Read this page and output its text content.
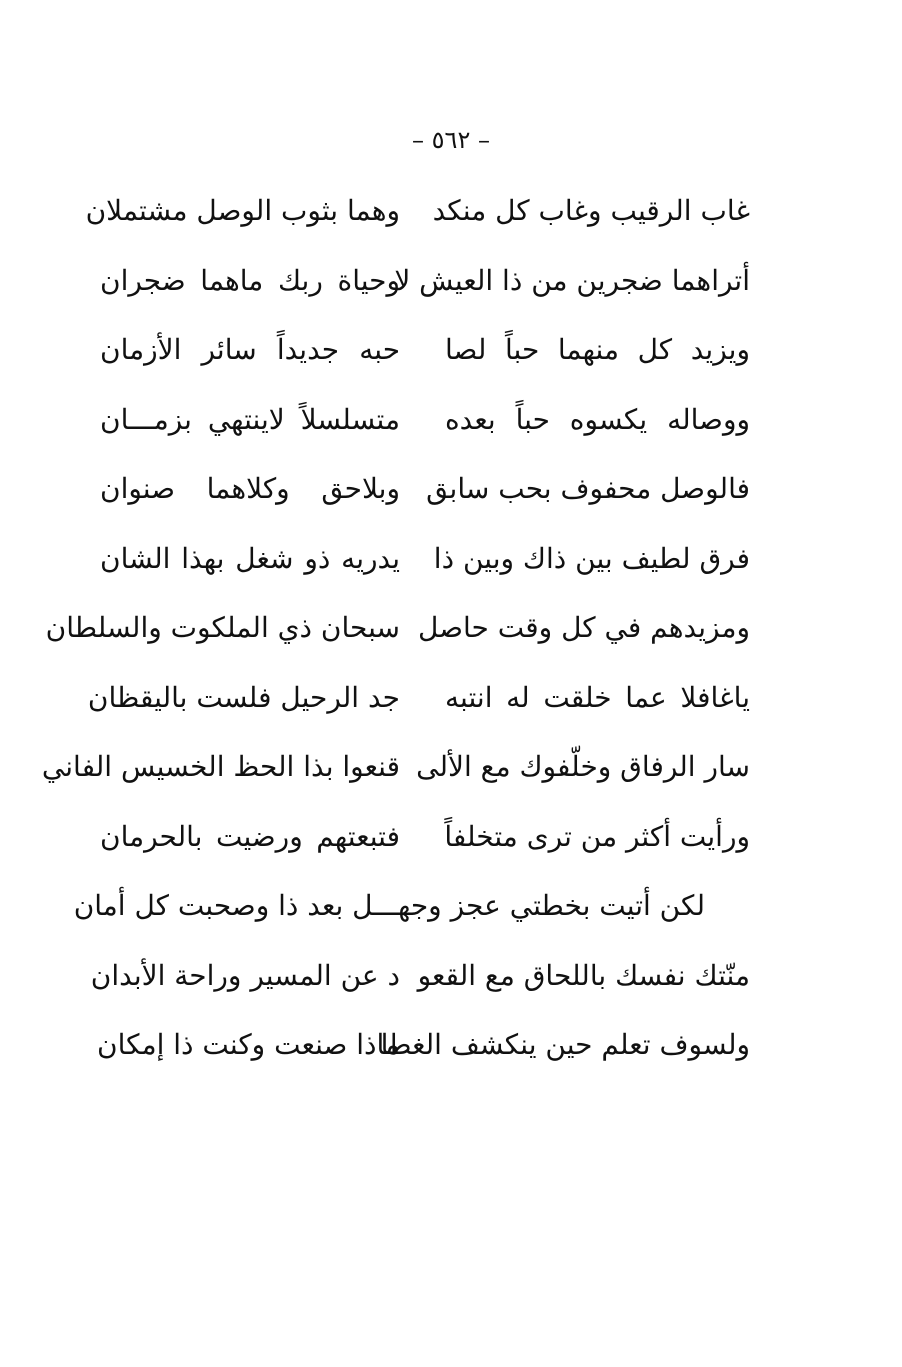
– ٥٦٢ –
غاب الرقيب وغاب كل منكد
وهما بثوب الوصل مشتملان
أتراهما ضجرين من ذا العيش لا
وحياة ربك ماهما ضجران
ويزيد كل منهما حباً لصا
حبه جديداً سائر الأزمان
ووصاله يكسوه حباً بعده
متسلسلاً لاينتهي بزمـــان
فالوصل محفوف بحب سابق
وبلاحق وكلاهما صنوان
فرق لطيف بين ذاك وبين ذا
يدريه ذو شغل بهذا الشان
ومزيدهم في كل وقت حاصل
سبحان ذي الملكوت والسلطان
ياغافلا عما خلقت له انتبه
جد الرحيل فلست باليقظان
سار الرفاق وخلّفوك مع الألى
قنعوا بذا الحظ الخسيس الفاني
ورأيت أكثر من ترى متخلفاً
فتبعتهم ورضيت بالحرمان
لكن أتيت بخطتي عجز وجهـــل بعد ذا وصحبت كل أمان
منّتك نفسك باللحاق مع القعو
د عن المسير وراحة الأبدان
ولسوف تعلم حين ينكشف الغطا
ماذا صنعت وكنت ذا إمكان
